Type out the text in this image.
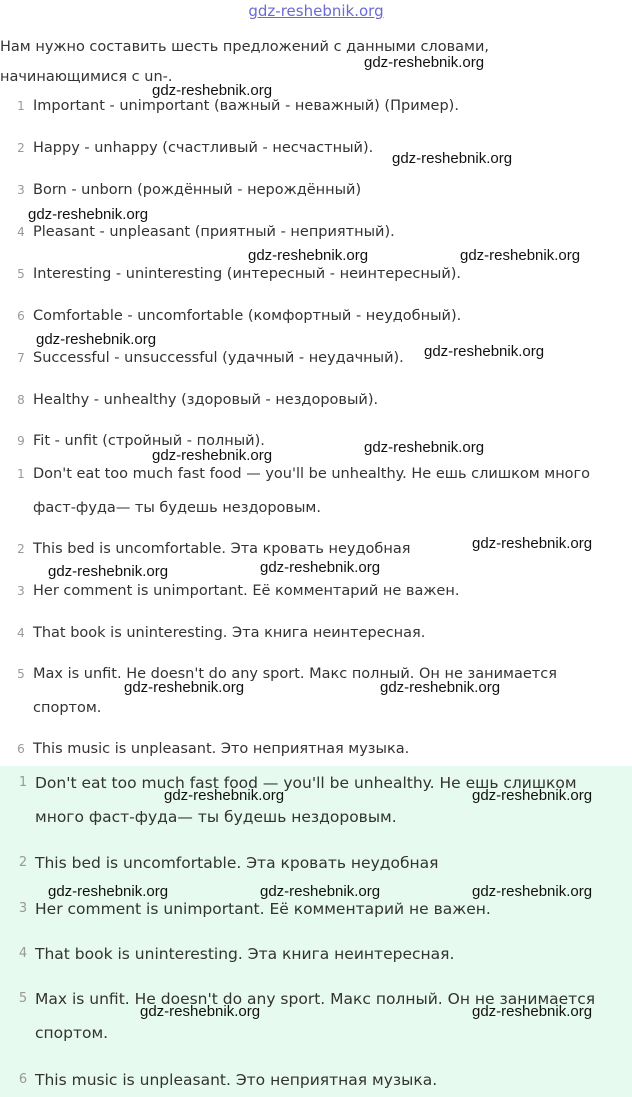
gdz-reshebnik.org
Нам нужно составить шесть предложений с данными словами, начинающимися с un-.
1 Important - unimportant (важный - неважный) (Пример).
2 Happy - unhappy (счастливый - несчастный).
3 Born - unborn (рождённый - нерождённый)
4 Pleasant - unpleasant (приятный - неприятный).
5 Interesting - uninteresting (интересный - неинтересный).
6 Comfortable - uncomfortable (комфортный - неудобный).
7 Successful - unsuccessful (удачный - неудачный).
8 Healthy - unhealthy (здоровый - нездоровый).
9 Fit - unfit (стройный - полный).
1 Don't eat too much fast food — you'll be unhealthy. Не ешь слишком много фаст-фуда— ты будешь нездоровым.
2 This bed is uncomfortable. Эта кровать неудобная
3 Her comment is unimportant. Её комментарий не важен.
4 That book is uninteresting. Эта книга неинтересная.
5 Max is unfit. He doesn't do any sport. Макс полный. Он не занимается спортом.
6 This music is unpleasant. Это неприятная музыка.
1 Don't eat too much fast food — you'll be unhealthy. Не ешь слишком много фаст-фуда— ты будешь нездоровым.
2 This bed is uncomfortable. Эта кровать неудобная
3 Her comment is unimportant. Её комментарий не важен.
4 That book is uninteresting. Эта книга неинтересная.
5 Max is unfit. He doesn't do any sport. Макс полный. Он не занимается спортом.
6 This music is unpleasant. Это неприятная музыка.
gdz-reshebnik.org
gdz-reshebnik.org
gdz-reshebnik.org
gdz-reshebnik.org
gdz-reshebnik.org	gdz-reshebnik.org
gdz-reshebnik.org
gdz-reshebnik.org
gdz-reshebnik.org
gdz-reshebnik.org
gdz-reshebnik.org
gdz-reshebnik.org	gdz-reshebnik.org
gdz-reshebnik.org	gdz-reshebnik.org
gdz-reshebnik.org	gdz-reshebnik.org
gdz-reshebnik.org	gdz-reshebnik.org	gdz-reshebnik.org
gdz-reshebnik.org	gdz-reshebnik.org
